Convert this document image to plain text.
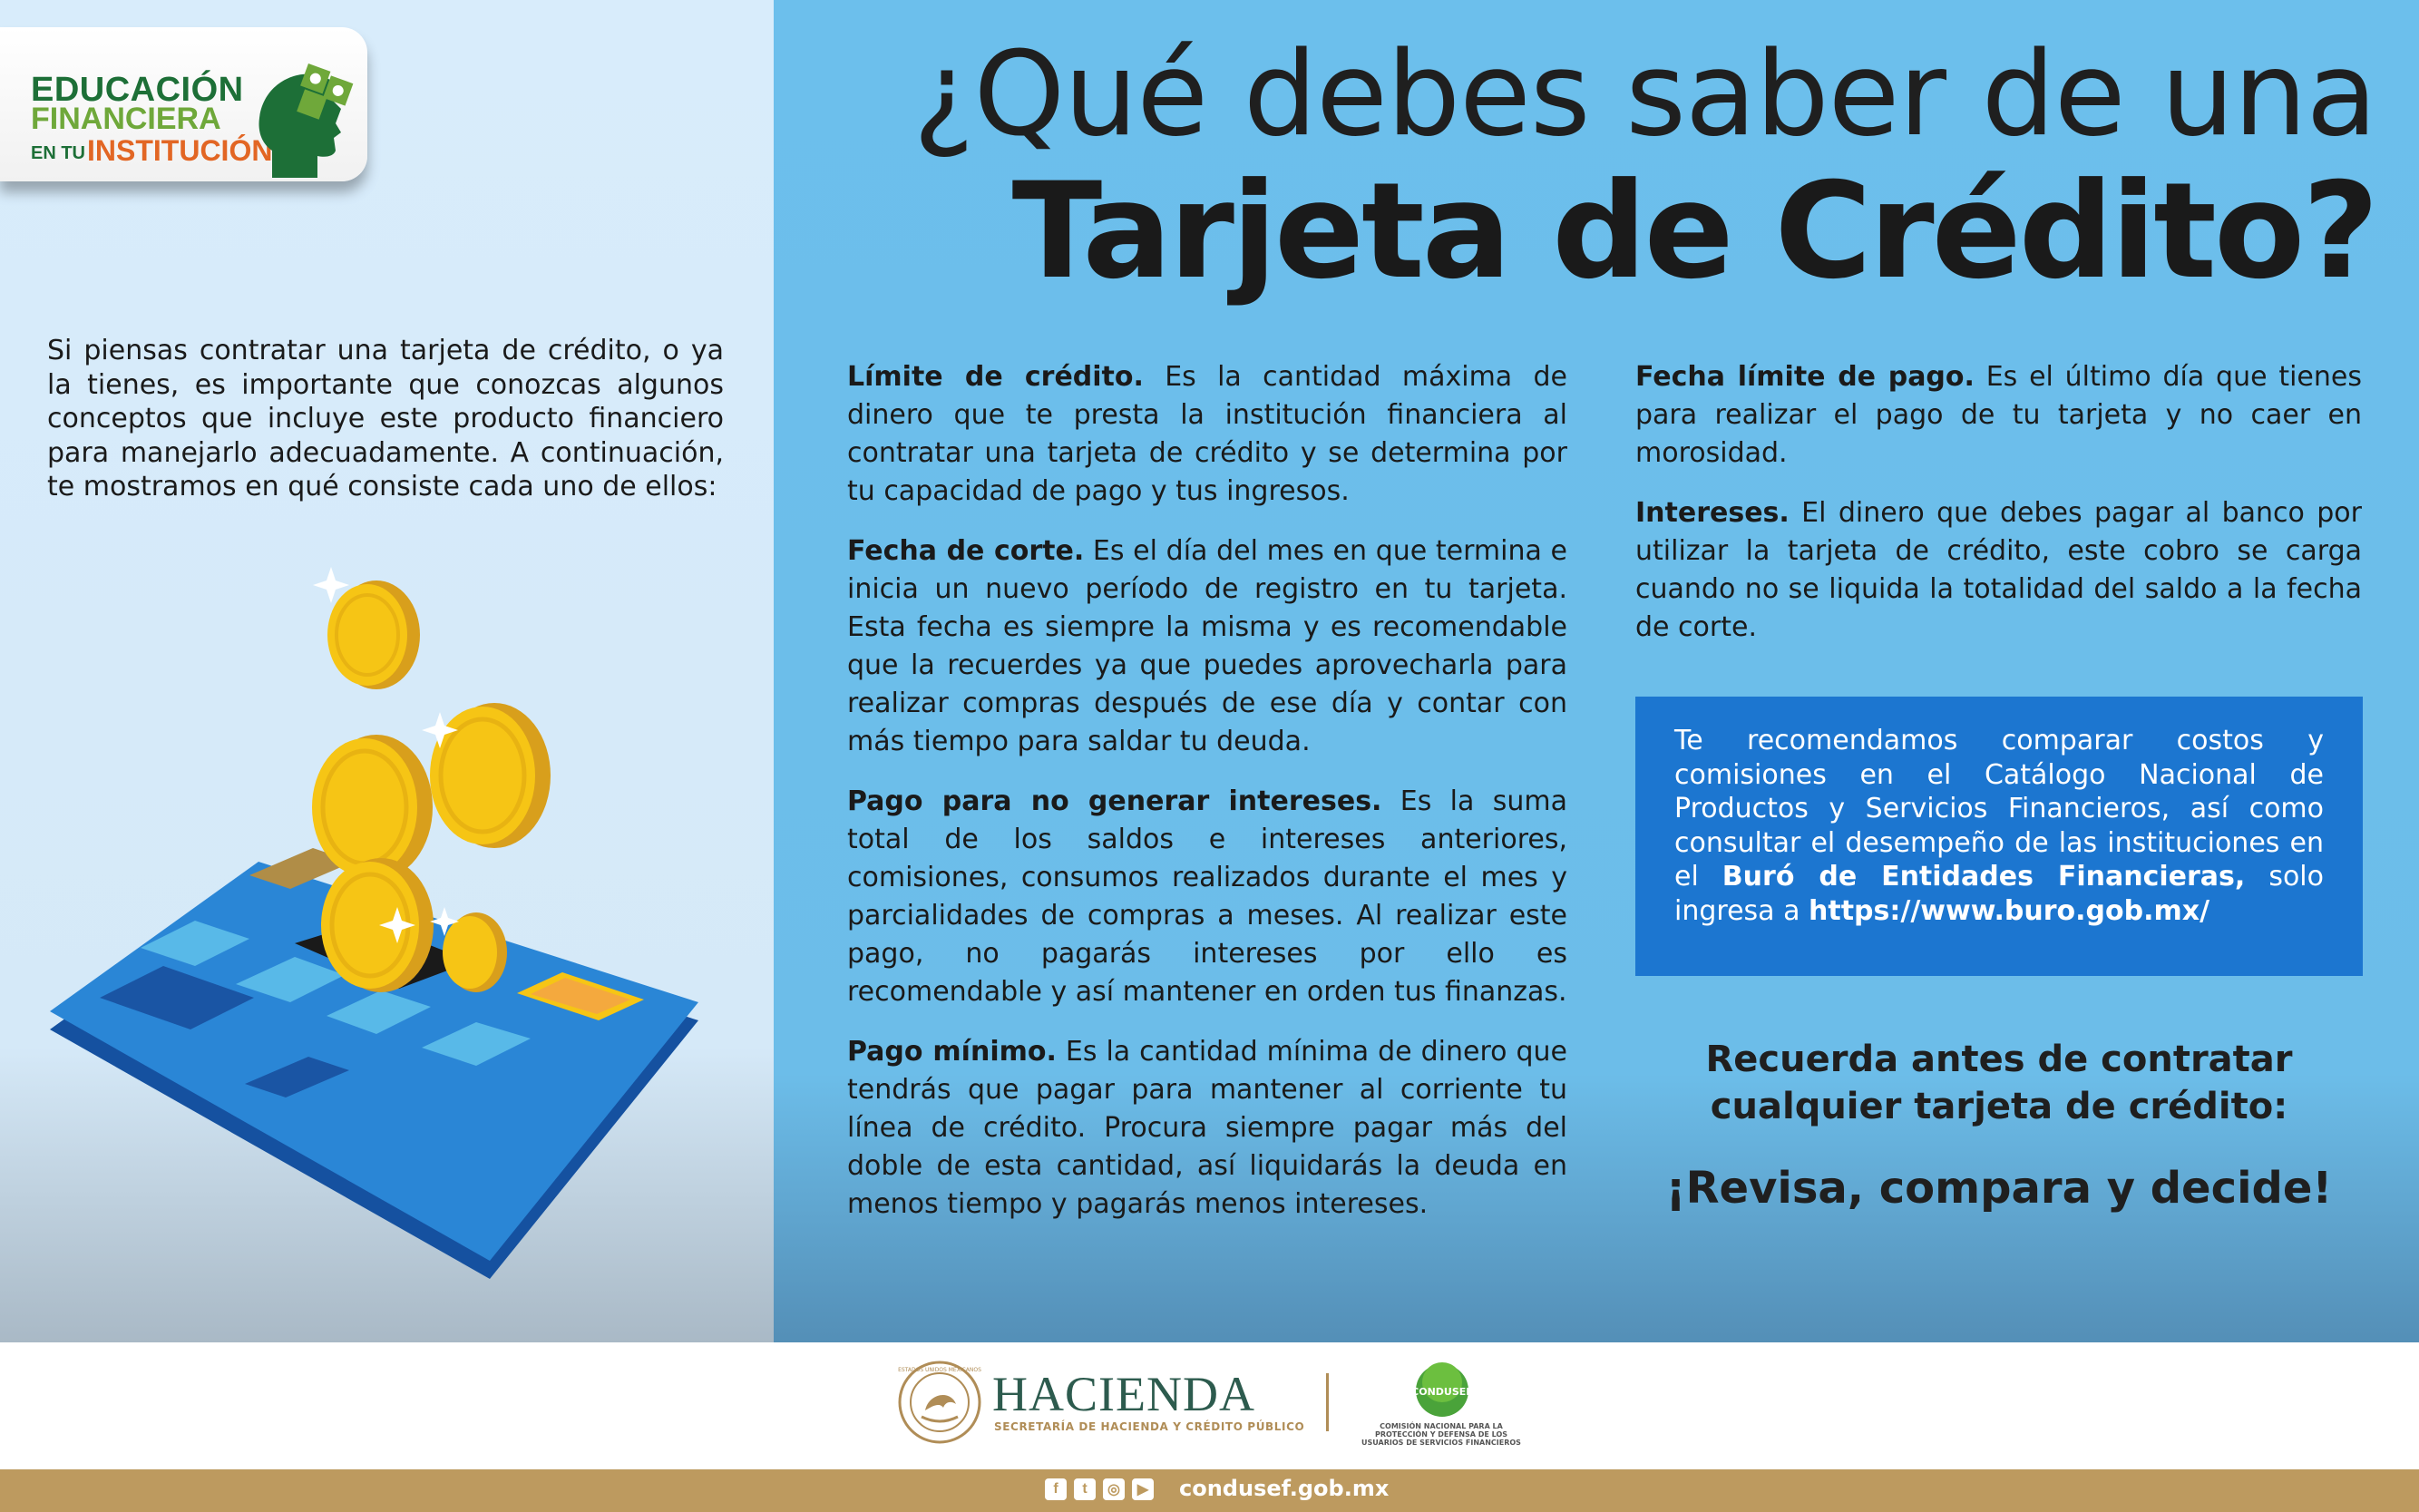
EDUCACIÓN
FINANCIERA
EN TU INSTITUCIÓN
Si piensas contratar una tarjeta de crédito, o ya la tienes, es importante que conozcas algunos conceptos que incluye este producto financiero para manejarlo adecuadamente. A continuación, te mostramos en qué consiste cada uno de ellos:
¿Qué debes saber de una
Tarjeta de Crédito?

Límite de crédito. Es la cantidad máxima de dinero que te presta la institución financiera al contratar una tarjeta de crédito y se determina por tu capacidad de pago y tus ingresos.

Fecha de corte. Es el día del mes en que termina e inicia un nuevo período de registro en tu tarjeta. Esta fecha es siempre la misma y es recomendable que la recuerdes ya que puedes aprovecharla para realizar compras después de ese día y contar con más tiempo para saldar tu deuda.

Pago para no generar intereses. Es la suma total de los saldos e intereses anteriores, comisiones, consumos realizados durante el mes y parcialidades de compras a meses. Al realizar este pago, no pagarás intereses por ello es recomendable y así mantener en orden tus finanzas.

Pago mínimo. Es la cantidad mínima de dinero que tendrás que pagar para mantener al corriente tu línea de crédito. Procura siempre pagar más del doble de esta cantidad, así liquidarás la deuda en menos tiempo y pagarás menos intereses.

Fecha límite de pago. Es el último día que tienes para realizar el pago de tu tarjeta y no caer en morosidad.

Intereses. El dinero que debes pagar al banco por utilizar la tarjeta de crédito, este cobro se carga cuando no se liquida la totalidad del saldo a la fecha de corte.

Te recomendamos comparar costos y comisiones en el Catálogo Nacional de Productos y Servicios Financieros, así como consultar el desempeño de las instituciones en el Buró de Entidades Financieras, solo ingresa a https://www.buro.gob.mx/
Recuerda antes de contratar cualquier tarjeta de crédito:
¡Revisa, compara y decide!
ESTADOS UNIDOS MEXICANOS HACIENDA
SECRETARÍA DE HACIENDA Y CRÉDITO PÚBLICO
CONDUSEF
COMISIÓN NACIONAL PARA LA PROTECCIÓN Y DEFENSA DE LOS USUARIOS DE SERVICIOS FINANCIEROS
f	t	◎	▶ condusef.gob.mx
